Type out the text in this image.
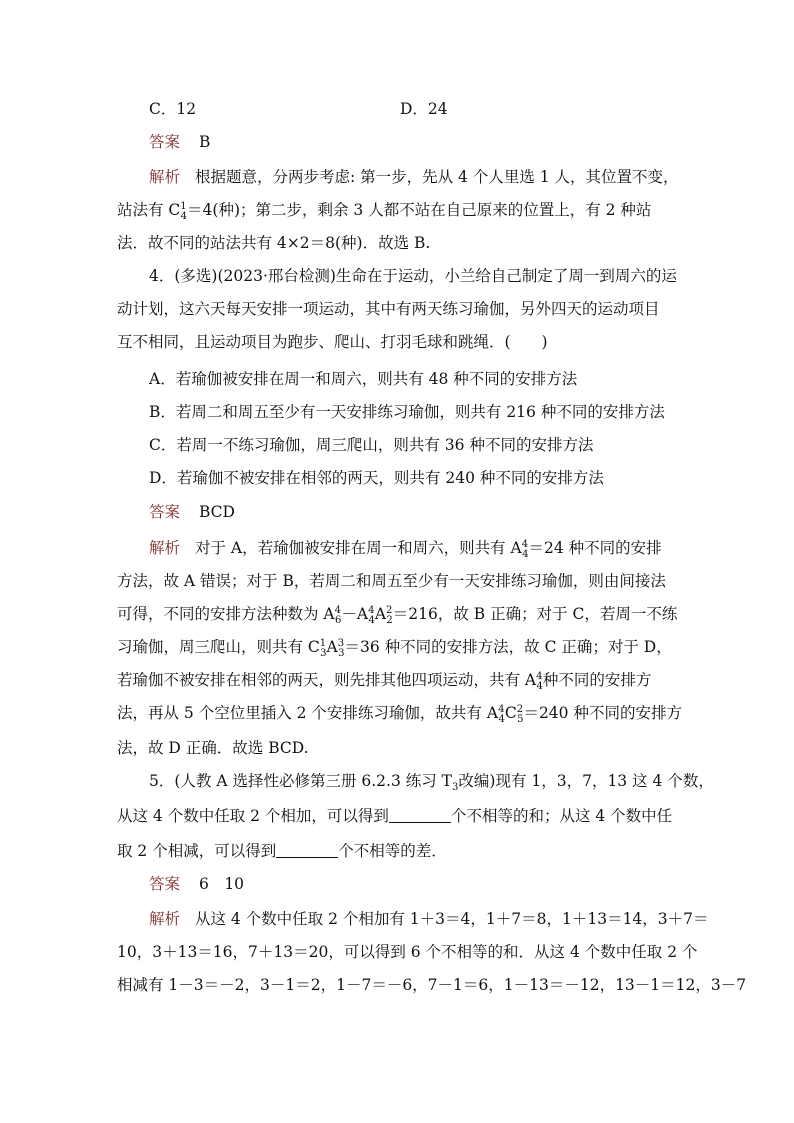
C．12	D．24
答案 B
解析 根据题意，分两步考虑: 第一步，先从 4 个人里选 1 人，其位置不变，
站法有 $C^1_4=4$(种)；第二步，剩余 3 人都不站在自己原来的位置上，有 2 种站
法．故不同的站法共有 4×2＝8(种)．故选 B.
4．(多选)(2023·邢台检测)生命在于运动，小兰给自己制定了周一到周六的运
动计划，这六天每天安排一项运动，其中有两天练习瑜伽，另外四天的运动项目
互不相同，且运动项目为跑步、爬山、打羽毛球和跳绳．(　　)
A．若瑜伽被安排在周一和周六，则共有 48 种不同的安排方法
B．若周二和周五至少有一天安排练习瑜伽，则共有 216 种不同的安排方法
C．若周一不练习瑜伽，周三爬山，则共有 36 种不同的安排方法
D．若瑜伽不被安排在相邻的两天，则共有 240 种不同的安排方法
答案 BCD
解析 对于 A，若瑜伽被安排在周一和周六，则共有 $A^4_4=24$ 种不同的安排
方法，故 A 错误；对于 B，若周二和周五至少有一天安排练习瑜伽，则由间接法
可得，不同的安排方法种数为 $A^4_6-A^4_4A^2_2=216$，故 B 正确；对于 C，若周一不练
习瑜伽，周三爬山，则共有 $C^1_3A^3_3=36$ 种不同的安排方法，故 C 正确；对于 D，
若瑜伽不被安排在相邻的两天，则先排其他四项运动，共有 $A^4_4$种不同的安排方
法，再从 5 个空位里插入 2 个安排练习瑜伽，故共有 $A^4_4C^2_5=240$ 种不同的安排方
法，故 D 正确．故选 BCD.
5．(人教 A 选择性必修第三册 6.2.3 练习 $T_3$改编)现有 1，3，7，13 这 4 个数，
从这 4 个数中任取 2 个相加，可以得到	个不相等的和；从这 4 个数中任
取 2 个相减，可以得到	个不相等的差．
答案 6　10
解析 从这 4 个数中任取 2 个相加有 1＋3＝4，1＋7＝8，1＋13＝14，3＋7＝
10，3＋13＝16，7＋13＝20，可以得到 6 个不相等的和．从这 4 个数中任取 2 个
相减有 1－3＝－2，3－1＝2，1－7＝－6，7－1＝6，1－13＝－12，13－1＝12，3－7
